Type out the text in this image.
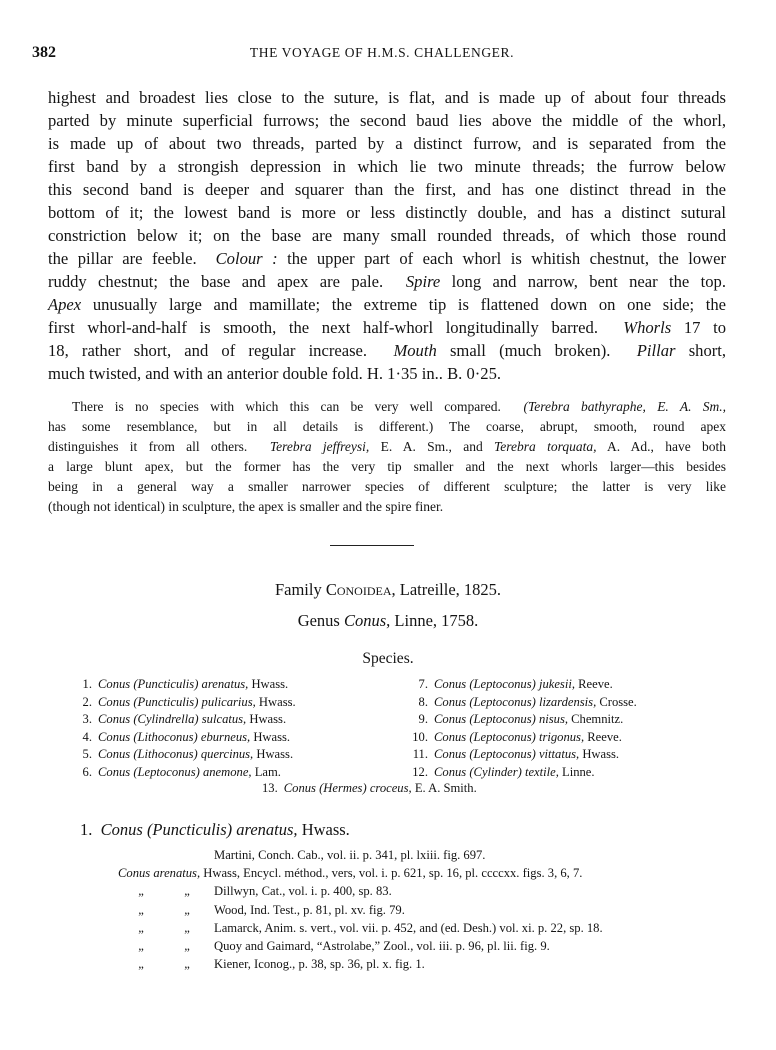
382	THE VOYAGE OF H.M.S. CHALLENGER.
highest and broadest lies close to the suture, is flat, and is made up of about four threads
parted by minute superficial furrows; the second baud lies above the middle of the whorl,
is made up of about two threads, parted by a distinct furrow, and is separated from the
first band by a strongish depression in which lie two minute threads; the furrow below
this second band is deeper and squarer than the first, and has one distinct thread in the
bottom of it; the lowest band is more or less distinctly double, and has a distinct sutural
constriction below it; on the base are many small rounded threads, of which those round
the pillar are feeble. Colour : the upper part of each whorl is whitish chestnut, the lower
ruddy chestnut; the base and apex are pale. Spire long and narrow, bent near the top.
Apex unusually large and mamillate; the extreme tip is flattened down on one side; the
first whorl-and-half is smooth, the next half-whorl longitudinally barred. Whorls 17 to
18, rather short, and of regular increase. Mouth small (much broken). Pillar short,
much twisted, and with an anterior double fold. H. 1·35 in.. B. 0·25.
There is no species with which this can be very well compared. (Terebra bathyraphe, E. A. Sm.,
has some resemblance, but in all details is different.) The coarse, abrupt, smooth, round apex
distinguishes it from all others. Terebra jeffreysi, E. A. Sm., and Terebra torquata, A. Ad., have both
a large blunt apex, but the former has the very tip smaller and the next whorls larger—this besides
being in a general way a smaller narrower species of different sculpture; the latter is very like
(though not identical) in sculpture, the apex is smaller and the spire finer.
Family Conoidea, Latreille, 1825.
Genus Conus, Linne, 1758.
Species.
1. Conus (Puncticulis) arenatus, Hwass.
2. Conus (Puncticulis) pulicarius, Hwass.
3. Conus (Cylindrella) sulcatus, Hwass.
4. Conus (Lithoconus) eburneus, Hwass.
5. Conus (Lithoconus) quercinus, Hwass.
6. Conus (Leptoconus) anemone, Lam.
7. Conus (Leptoconus) jukesii, Reeve.
8. Conus (Leptoconus) lizardensis, Crosse.
9. Conus (Leptoconus) nisus, Chemnitz.
10. Conus (Leptoconus) trigonus, Reeve.
11. Conus (Leptoconus) vittatus, Hwass.
12. Conus (Cylinder) textile, Linne.
13. Conus (Hermes) croceus, E. A. Smith.
1. Conus (Puncticulis) arenatus, Hwass.
Martini, Conch. Cab., vol. ii. p. 341, pl. lxiii. fig. 697.
Conus arenatus, Hwass, Encycl. méthod., vers, vol. i. p. 621, sp. 16, pl. ccccxx. figs. 3, 6, 7.
„	„ Dillwyn, Cat., vol. i. p. 400, sp. 83.
„	„ Wood, Ind. Test., p. 81, pl. xv. fig. 79.
„	„ Lamarck, Anim. s. vert., vol. vii. p. 452, and (ed. Desh.) vol. xi. p. 22, sp. 18.
„	„ Quoy and Gaimard, “Astrolabe,” Zool., vol. iii. p. 96, pl. lii. fig. 9.
„	„ Kiener, Iconog., p. 38, sp. 36, pl. x. fig. 1.
